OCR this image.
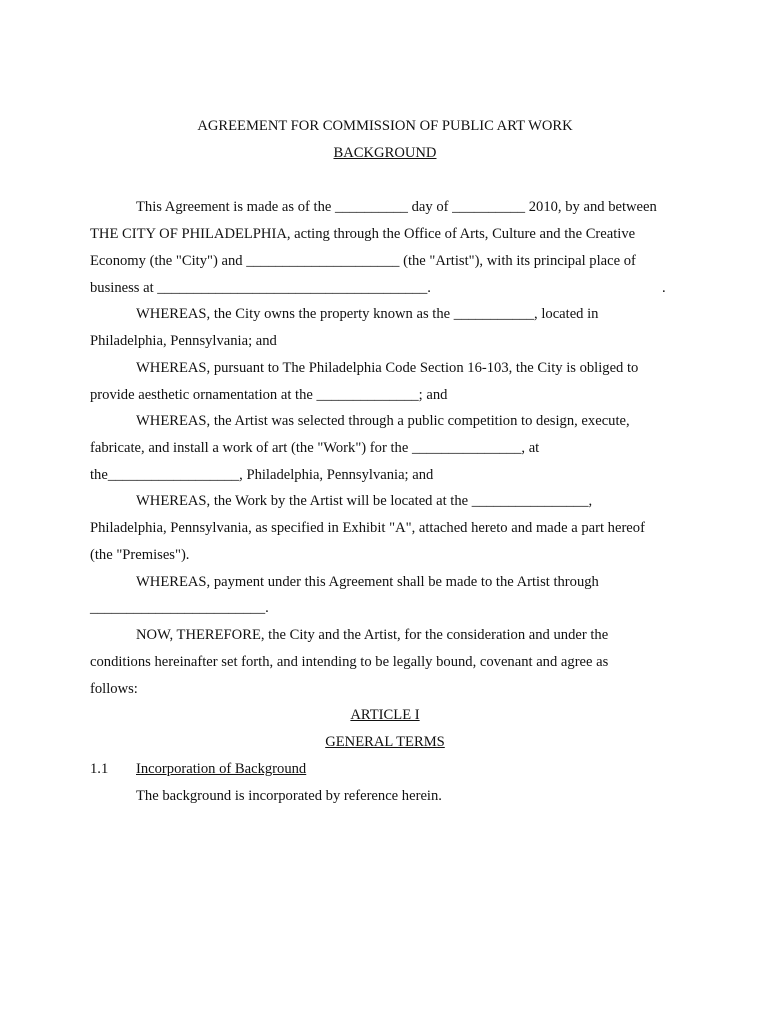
AGREEMENT FOR COMMISSION OF PUBLIC ART WORK
BACKGROUND
This Agreement is made as of the __________ day of __________ 2010, by and between
THE CITY OF PHILADELPHIA, acting through the Office of Arts, Culture and the Creative
Economy (the "City") and _____________________ (the "Artist"), with its principal place of
business at _____________________________________.	.
WHEREAS, the City owns the property known as the ___________, located in
Philadelphia, Pennsylvania; and
WHEREAS, pursuant to The Philadelphia Code Section 16-103, the City is obliged to
provide aesthetic ornamentation at the ______________; and
WHEREAS, the Artist was selected through a public competition to design, execute,
fabricate, and install a work of art (the "Work") for the _______________, at
the__________________, Philadelphia, Pennsylvania; and
WHEREAS, the Work by the Artist will be located at the ________________,
Philadelphia, Pennsylvania, as specified in Exhibit "A", attached hereto and made a part hereof
(the "Premises").
WHEREAS, payment under this Agreement shall be made to the Artist through
________________________.
NOW, THEREFORE, the City and the Artist, for the consideration and under the
conditions hereinafter set forth, and intending to be legally bound, covenant and agree as
follows:
ARTICLE I
GENERAL TERMS
1.1 Incorporation of Background
The background is incorporated by reference herein.
